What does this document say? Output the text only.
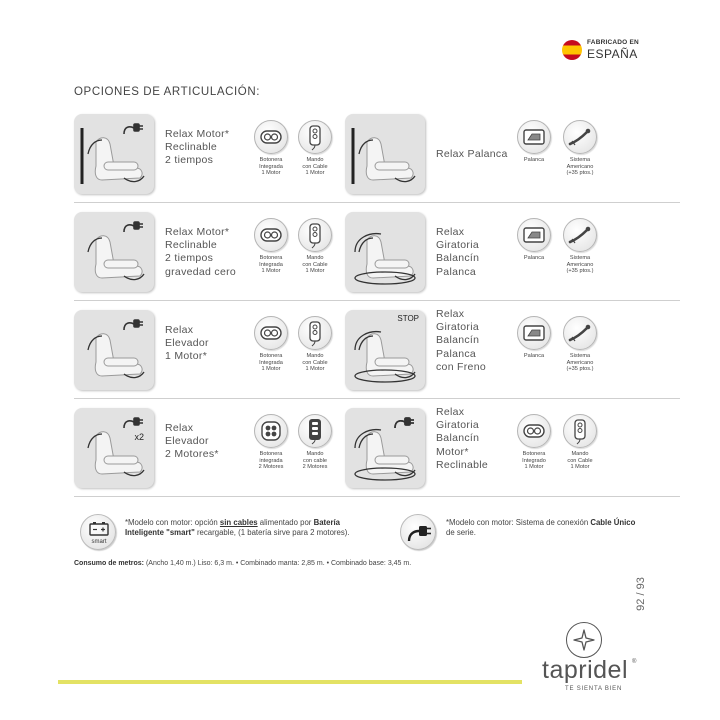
FABRICADO EN
ESPAÑA
OPCIONES DE ARTICULACIÓN:
Relax Motor*
Reclinable
2 tiempos	Botonera
Integrada
1 Motor
Mando
con Cable
1 Motor
Relax Palanca	Palanca	Sistema
Americano
(+35 ptos.)
Relax Motor*
Reclinable
2 tiempos
gravedad cero
Botonera
Integrada
1 Motor
Mando
con Cable
1 Motor
Relax
Giratoria
Balancín
Palanca
Palanca	Sistema
Americano
(+35 ptos.)
Relax
Elevador
1 Motor*	Botonera
Integrada
1 Motor
Mando
con Cable
1 Motor
STOP Relax
Giratoria
Balancín
Palanca
con Freno
Palanca	Sistema
Americano
(+35 ptos.)
x2
Relax
Elevador
2 Motores*	Botonera
integrada
2 Motores
Mando
con cable
2 Motores
Relax
Giratoria
Balancín
Motor*
Reclinable
Botonera
Integrado
1 Motor
Mando
con Cable
1 Motor
smart
*Modelo con motor: opción sin cables alimentado por Batería Inteligente "smart" recargable, (1 batería sirve para 2 motores).
*Modelo con motor: Sistema de conexión Cable Único de serie.
Consumo de metros: (Ancho 1,40 m.) Liso: 6,3 m. • Combinado manta: 2,85 m. • Combinado base: 3,45 m.
92 / 93
tapridel ®
TE SIENTA BIEN
